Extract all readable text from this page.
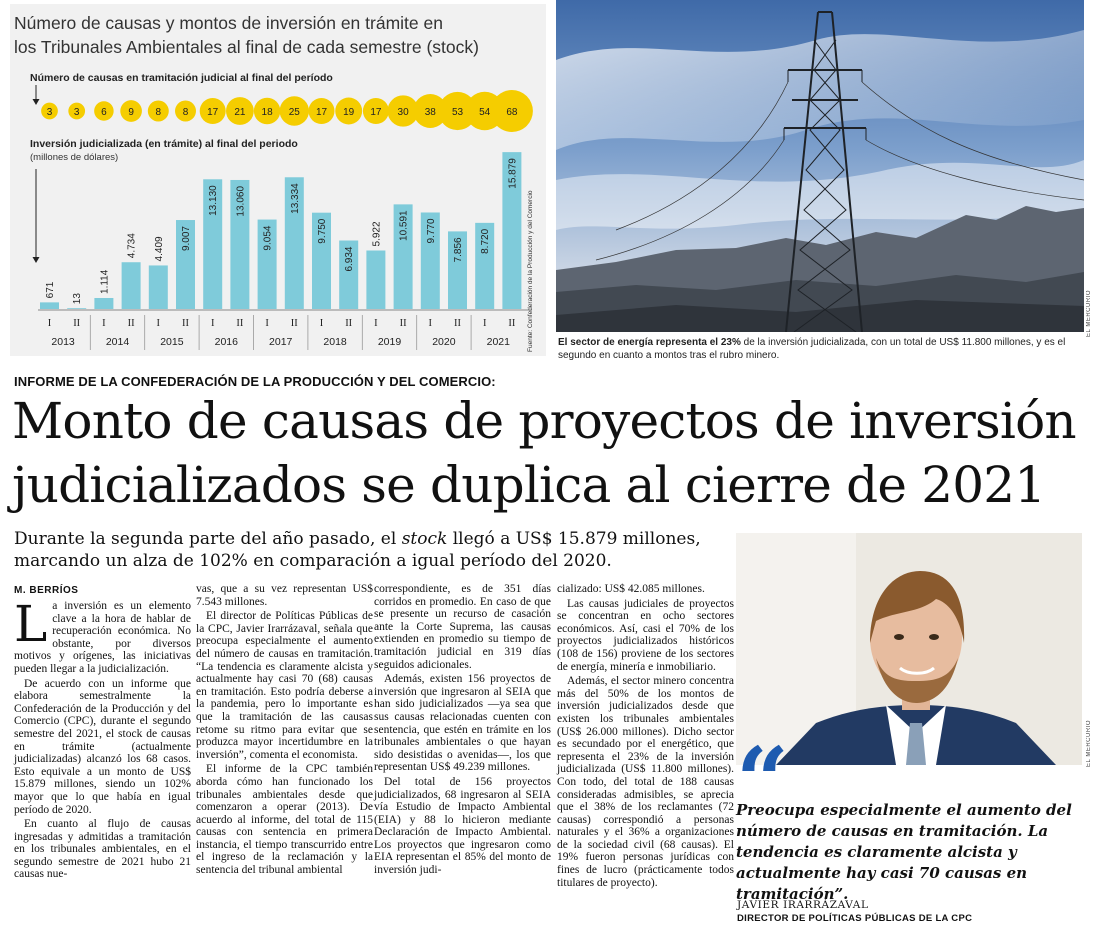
Número de causas y montos de inversión en trámite en
los Tribunales Ambientales al final de cada semestre (stock)
Número de causas en tramitación judicial al final del período
Inversión judicializada (en trámite) al final del periodo
(millones de dólares)
3 3 6 9 8 8 17 21 18 25 17 19 17 30 38 53 54 68
671
13
1.114
4.734 4.409 9.007
13.130 13.060
9.054
13.334
9.750
6.934
5.922 10.591 9.770
7.856 8.720
15.879
I II I II I II I II I II I II I II I II I II
2013	2014	2015	2016	2017	2018	2019	2020	2021	Fuente: Confederación de la Producción y del Comercio	EL MERCURIO
El sector de energía representa el 23% de la inversión judicializada, con un total de US$ 11.800 millones, y es el segundo en cuanto a montos tras el rubro minero.
INFORME DE LA CONFEDERACIÓN DE LA PRODUCCIÓN Y DEL COMERCIO:
Monto de causas de proyectos de inversión judicializados se duplica al cierre de 2021
Durante la segunda parte del año pasado, el stock llegó a US$ 15.879 millones, marcando un alza de 102% en comparación a igual período del 2020.
M. BERRÍOS

La inversión es un elemento clave a la hora de hablar de recuperación económica. No obstante, por diversos motivos y orígenes, las iniciativas pueden llegar a la judicialización.

De acuerdo con un informe que elabora semestralmente la Confederación de la Producción y del Comercio (CPC), durante el segundo semestre del 2021, el stock de causas en trámite (actualmente judicializadas) alcanzó los 68 casos. Esto equivale a un monto de US$ 15.879 millones, siendo un 102% mayor que lo que había en igual período de 2020.

En cuanto al flujo de causas ingresadas y admitidas a tramitación en los tribunales ambientales, en el segundo semestre de 2021 hubo 21 causas nue-

vas, que a su vez representan US$ 7.543 millones.

El director de Políticas Públicas de la CPC, Javier Irarrázaval, señala que preocupa especialmente el aumento del número de causas en tramitación. “La tendencia es claramente alcista y actualmente hay casi 70 (68) causas en tramitación. Esto podría deberse a la pandemia, pero lo importante es que la tramitación de las causas retome su ritmo para evitar que se produzca mayor incertidumbre en la inversión”, comenta el economista.

El informe de la CPC también aborda cómo han funcionado los tribunales ambientales desde que comenzaron a operar (2013). De acuerdo al informe, del total de 115 causas con sentencia en primera instancia, el tiempo transcurrido entre el ingreso de la reclamación y la sentencia del tribunal ambiental

correspondiente, es de 351 días corridos en promedio. En caso de que se presente un recurso de casación ante la Corte Suprema, las causas extienden en promedio su tiempo de tramitación judicial en 319 días seguidos adicionales.

Además, existen 156 proyectos de inversión que ingresaron al SEIA que han sido judicializados —ya sea que sus causas relacionadas cuenten con sentencia, que estén en trámite en los tribunales ambientales o que hayan sido desistidas o avenidas—, los que representan US$ 49.239 millones.

Del total de 156 proyectos judicializados, 68 ingresaron al SEIA vía Estudio de Impacto Ambiental (EIA) y 88 lo hicieron mediante Declaración de Impacto Ambiental. Los proyectos que ingresaron como EIA representan el 85% del monto de inversión judi-

cializado: US$ 42.085 millones.

Las causas judiciales de proyectos se concentran en ocho sectores económicos. Así, casi el 70% de los proyectos judicializados históricos (108 de 156) proviene de los sectores de energía, minería e inmobiliario.

Además, el sector minero concentra más del 50% de los montos de inversión judicializados desde que existen los tribunales ambientales (US$ 26.000 millones). Dicho sector es secundado por el energético, que representa el 23% de la inversión judicializada (US$ 11.800 millones). Con todo, del total de 188 causas consideradas admisibles, se aprecia que el 38% de los reclamantes (72 causas) correspondió a personas naturales y el 36% a organizaciones de la sociedad civil (68 causas). El 19% fueron personas jurídicas con fines de lucro (prácticamente todos titulares de proyecto).

EL MERCURIO
“
Preocupa especialmente el aumento del número de causas en tramitación. La tendencia es claramente alcista y actualmente hay casi 70 causas en tramitación”.
JAVIER IRARRÁZAVAL
DIRECTOR DE POLÍTICAS PÚBLICAS DE LA CPC
